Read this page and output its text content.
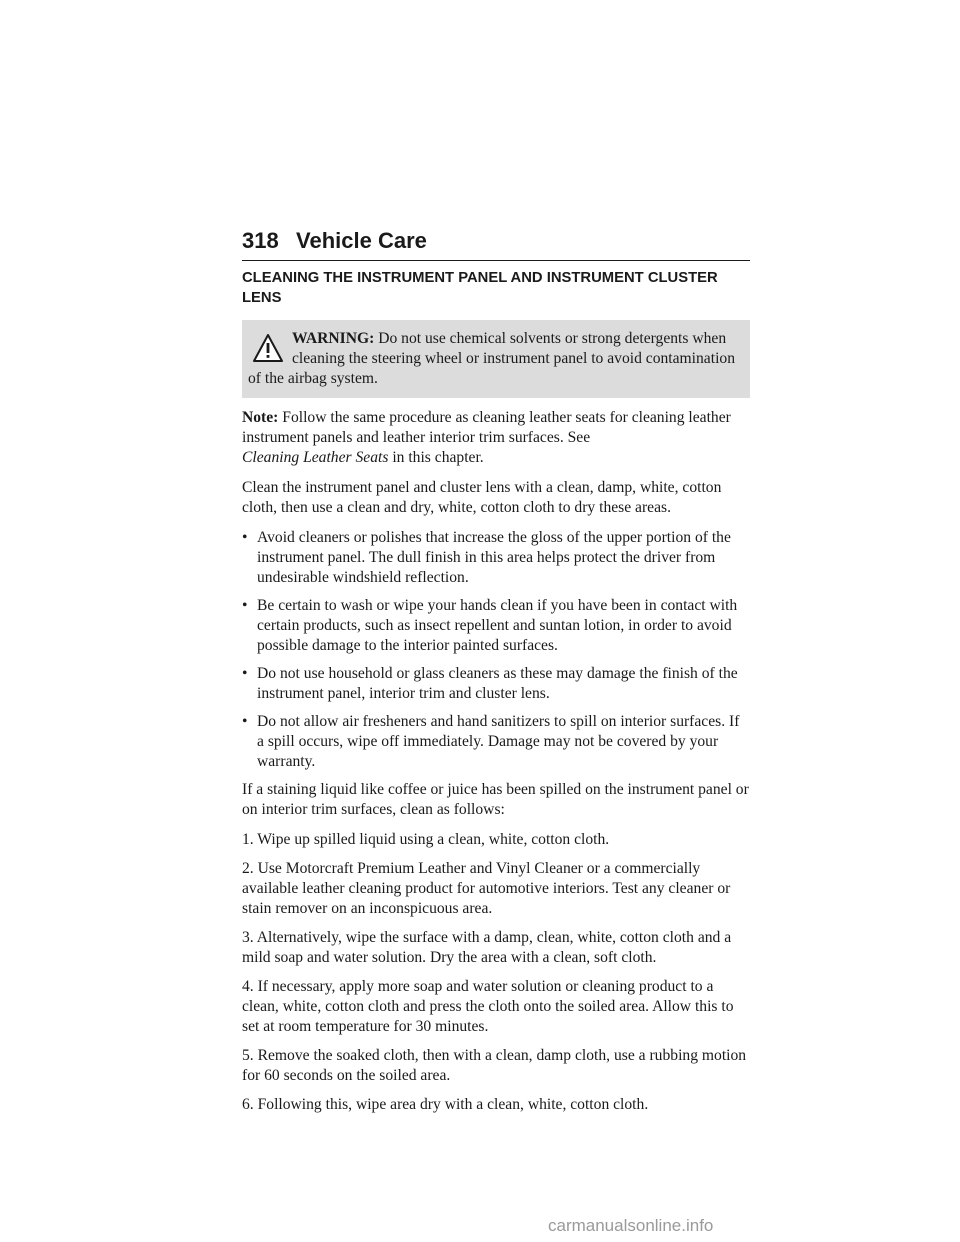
318 Vehicle Care
CLEANING THE INSTRUMENT PANEL AND INSTRUMENT CLUSTER LENS
WARNING: Do not use chemical solvents or strong detergents when cleaning the steering wheel or instrument panel to avoid contamination of the airbag system.

Note: Follow the same procedure as cleaning leather seats for cleaning leather instrument panels and leather interior trim surfaces. See
Cleaning Leather Seats in this chapter.

Clean the instrument panel and cluster lens with a clean, damp, white, cotton cloth, then use a clean and dry, white, cotton cloth to dry these areas.

• Avoid cleaners or polishes that increase the gloss of the upper portion of the instrument panel. The dull finish in this area helps protect the driver from undesirable windshield reflection.
• Be certain to wash or wipe your hands clean if you have been in contact with certain products, such as insect repellent and suntan lotion, in order to avoid possible damage to the interior painted surfaces.
• Do not use household or glass cleaners as these may damage the finish of the instrument panel, interior trim and cluster lens.
• Do not allow air fresheners and hand sanitizers to spill on interior surfaces. If a spill occurs, wipe off immediately. Damage may not be covered by your warranty.

If a staining liquid like coffee or juice has been spilled on the instrument panel or on interior trim surfaces, clean as follows:

1. Wipe up spilled liquid using a clean, white, cotton cloth.

2. Use Motorcraft Premium Leather and Vinyl Cleaner or a commercially available leather cleaning product for automotive interiors. Test any cleaner or stain remover on an inconspicuous area.

3. Alternatively, wipe the surface with a damp, clean, white, cotton cloth and a mild soap and water solution. Dry the area with a clean, soft cloth.

4. If necessary, apply more soap and water solution or cleaning product to a clean, white, cotton cloth and press the cloth onto the soiled area. Allow this to set at room temperature for 30 minutes.

5. Remove the soaked cloth, then with a clean, damp cloth, use a rubbing motion for 60 seconds on the soiled area.

6. Following this, wipe area dry with a clean, white, cotton cloth.

carmanualsonline.info
